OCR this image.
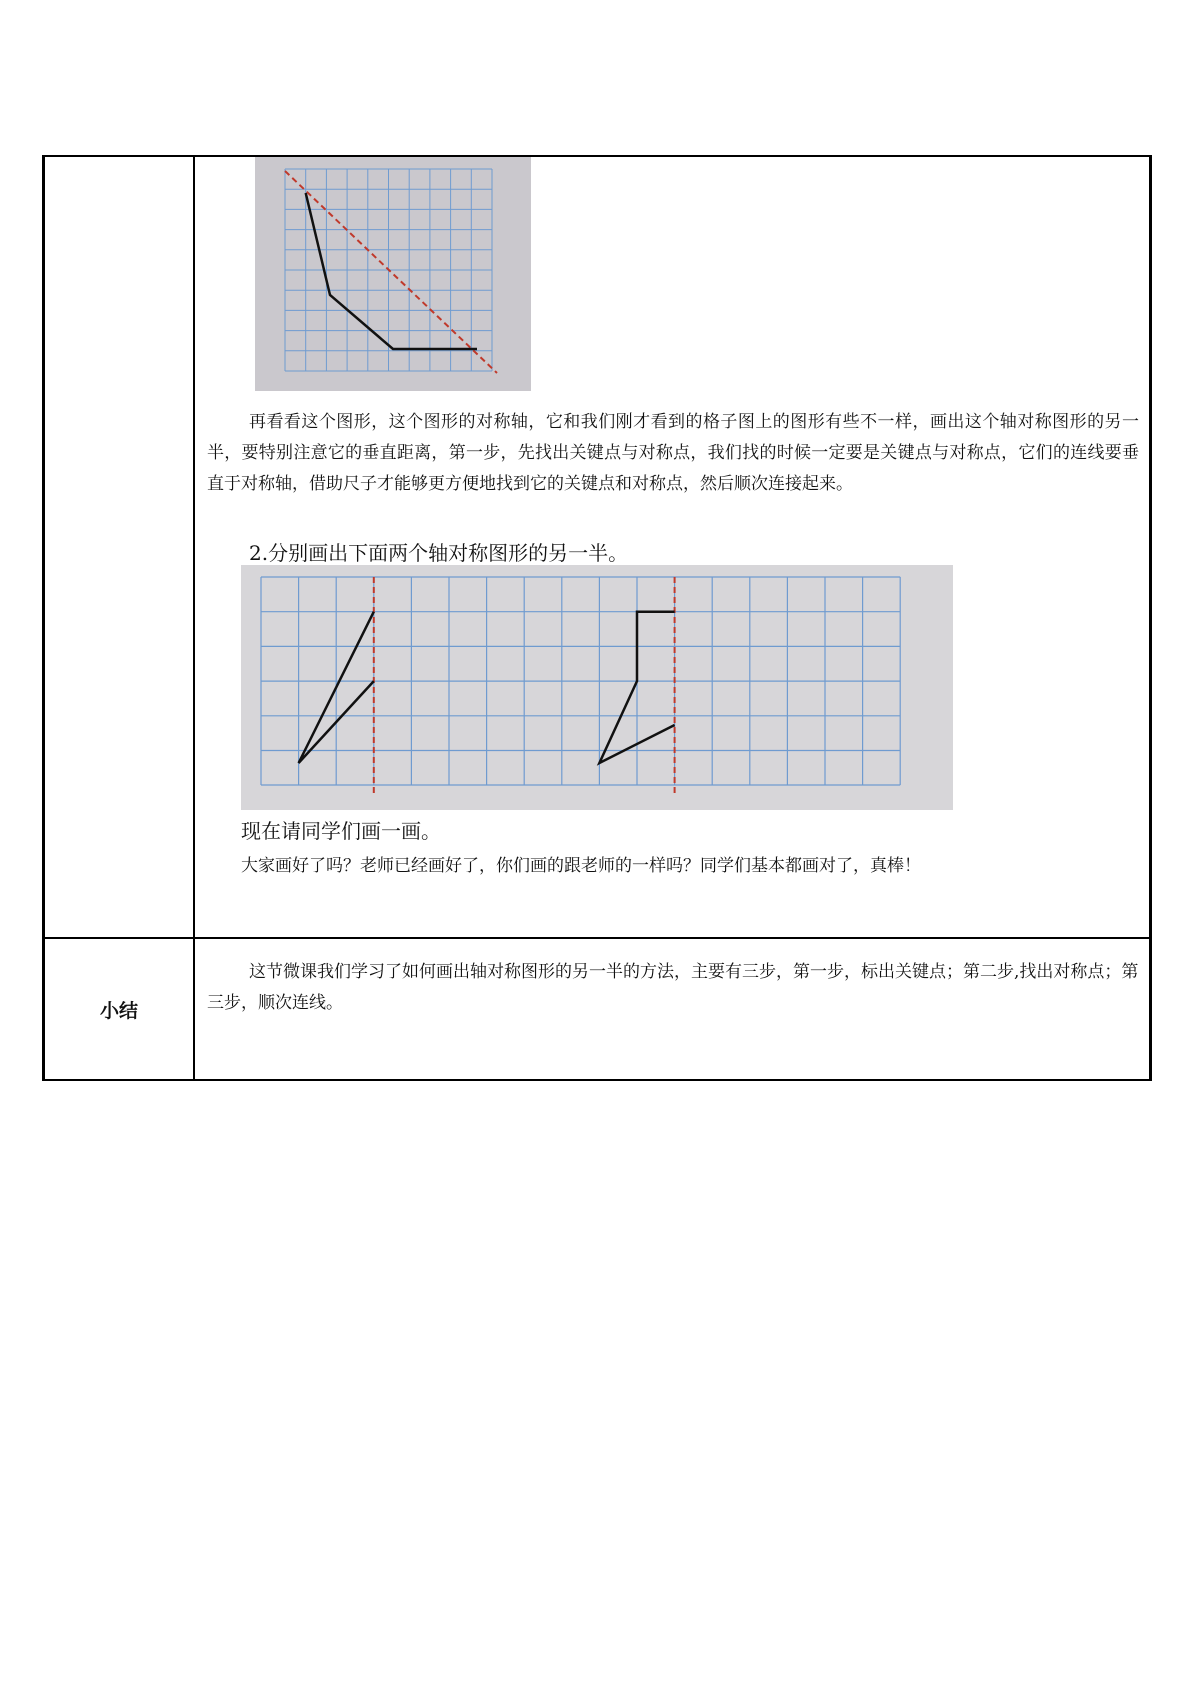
	再看看这个图形，这个图形的对称轴，它和我们刚才看到的格子图上的图形有些不一样，画出这个轴对称图形的另一半，要特别注意它的垂直距离，第一步，先找出关键点与对称点，我们找的时候一定要是关键点与对称点，它们的连线要垂直于对称轴，借助尺子才能够更方便地找到它的关键点和对称点，然后顺次连接起来。
2.分别画出下面两个轴对称图形的另一半。
现在请同学们画一画。
大家画好了吗？老师已经画好了，你们画的跟老师的一样吗？同学们基本都画对了，真棒！

小结	这节微课我们学习了如何画出轴对称图形的另一半的方法，主要有三步，第一步，标出关键点；第二步,找出对称点；第三步，顺次连线。
